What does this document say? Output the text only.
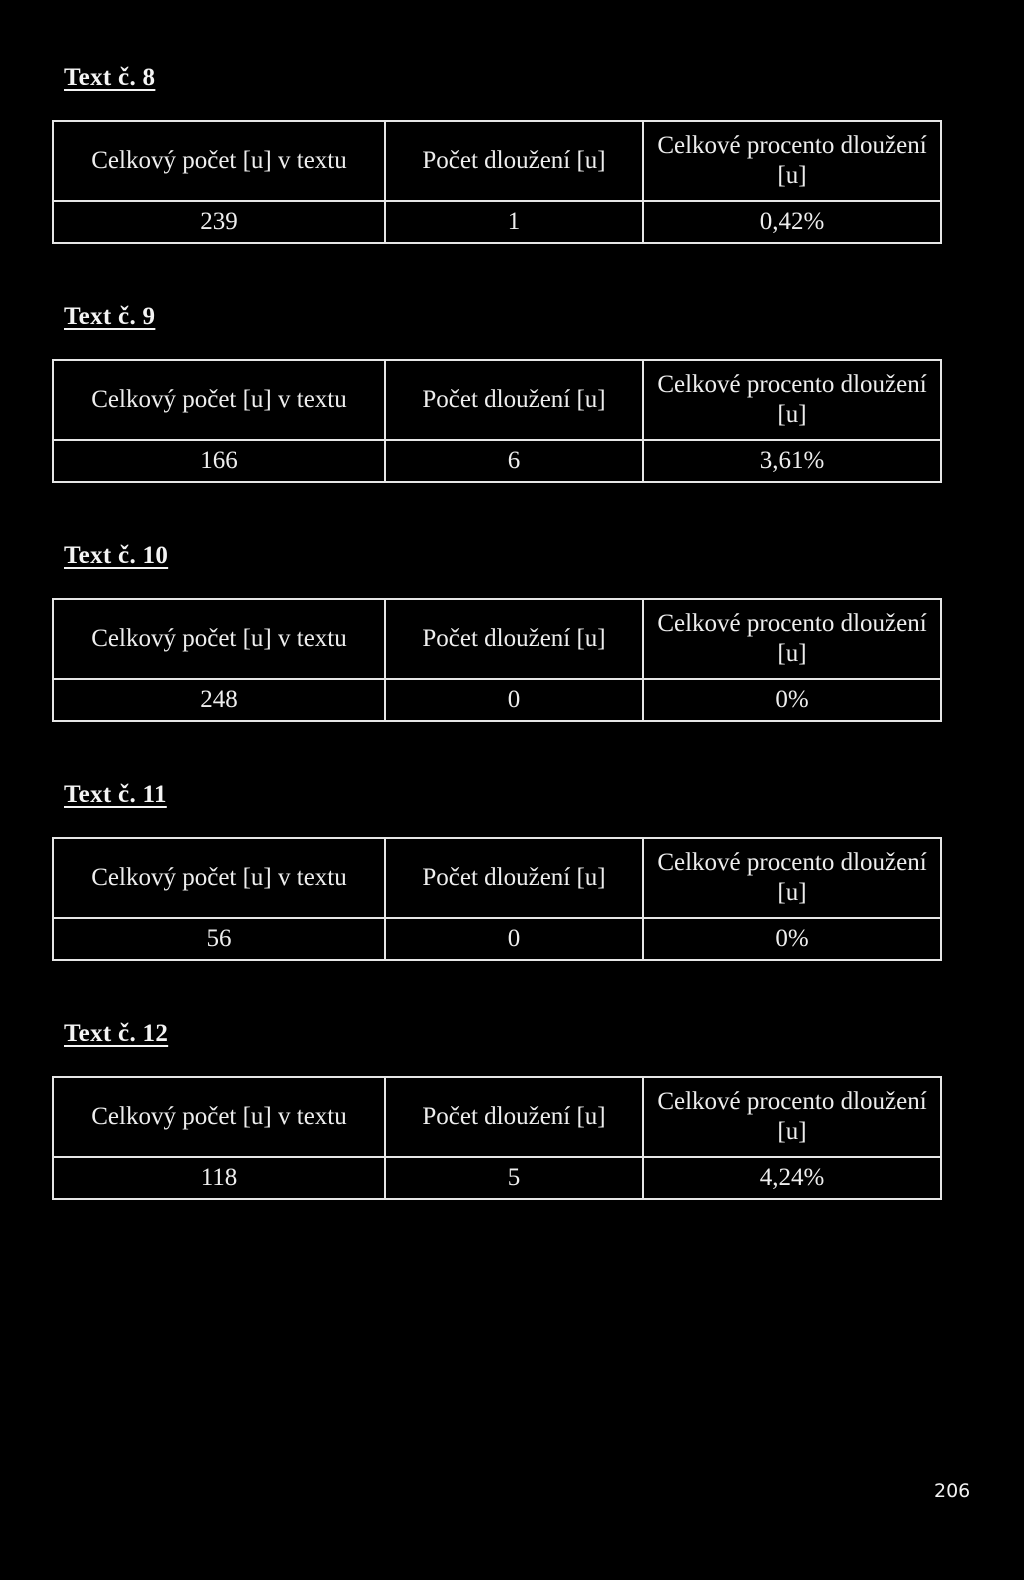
Text č. 8
Celkový počet [u] v textu	Počet dloužení [u]	Celkové procento dloužení [u]
239	1	0,42%
Text č. 9
Celkový počet [u] v textu	Počet dloužení [u]	Celkové procento dloužení [u]
166	6	3,61%
Text č. 10
Celkový počet [u] v textu	Počet dloužení [u]	Celkové procento dloužení [u]
248	0	0%
Text č. 11
Celkový počet [u] v textu	Počet dloužení [u]	Celkové procento dloužení [u]
56	0	0%
Text č. 12
Celkový počet [u] v textu	Počet dloužení [u]	Celkové procento dloužení [u]
118	5	4,24%
206
